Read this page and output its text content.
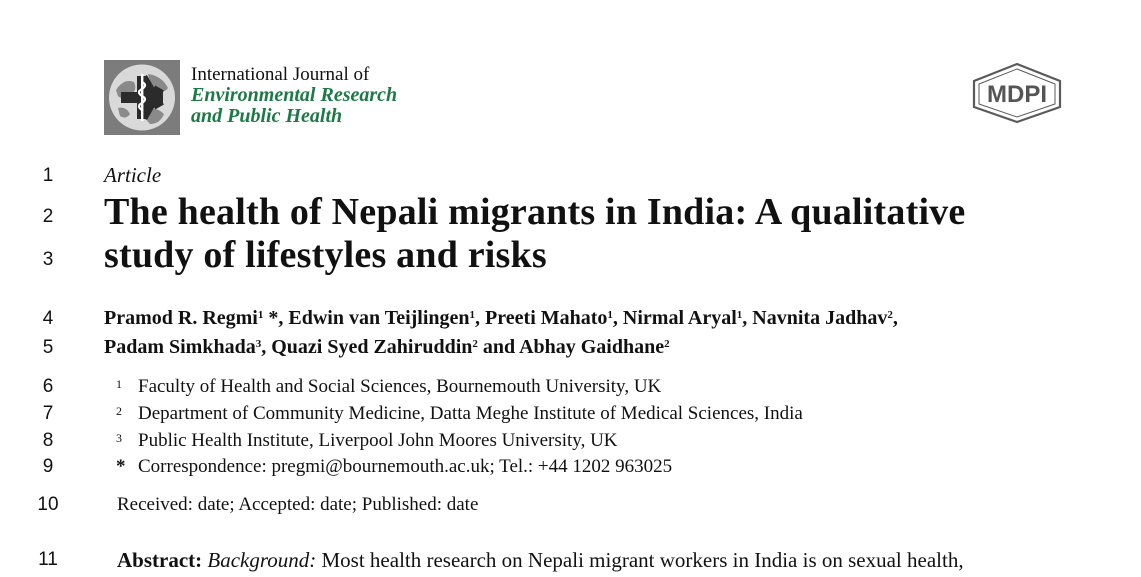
International Journal of
Environmental Research
and Public Health
MDPI
1
2
3
4
5
6
7
8
9
10
11
Article
The health of Nepali migrants in India: A qualitative
study of lifestyles and risks
Pramod R. Regmi$^1$ *, Edwin van Teijlingen$^1$, Preeti Mahato$^1$, Nirmal Aryal$^1$, Navnita Jadhav$^2$,
Padam Simkhada$^3$, Quazi Syed Zahiruddin$^2$ and Abhay Gaidhane$^2$
1 Faculty of Health and Social Sciences, Bournemouth University, UK
2 Department of Community Medicine, Datta Meghe Institute of Medical Sciences, India
3 Public Health Institute, Liverpool John Moores University, UK
* Correspondence: pregmi@bournemouth.ac.uk; Tel.: +44 1202 963025
Received: date; Accepted: date; Published: date
Abstract: Background: Most health research on Nepali migrant workers in India is on sexual health,
